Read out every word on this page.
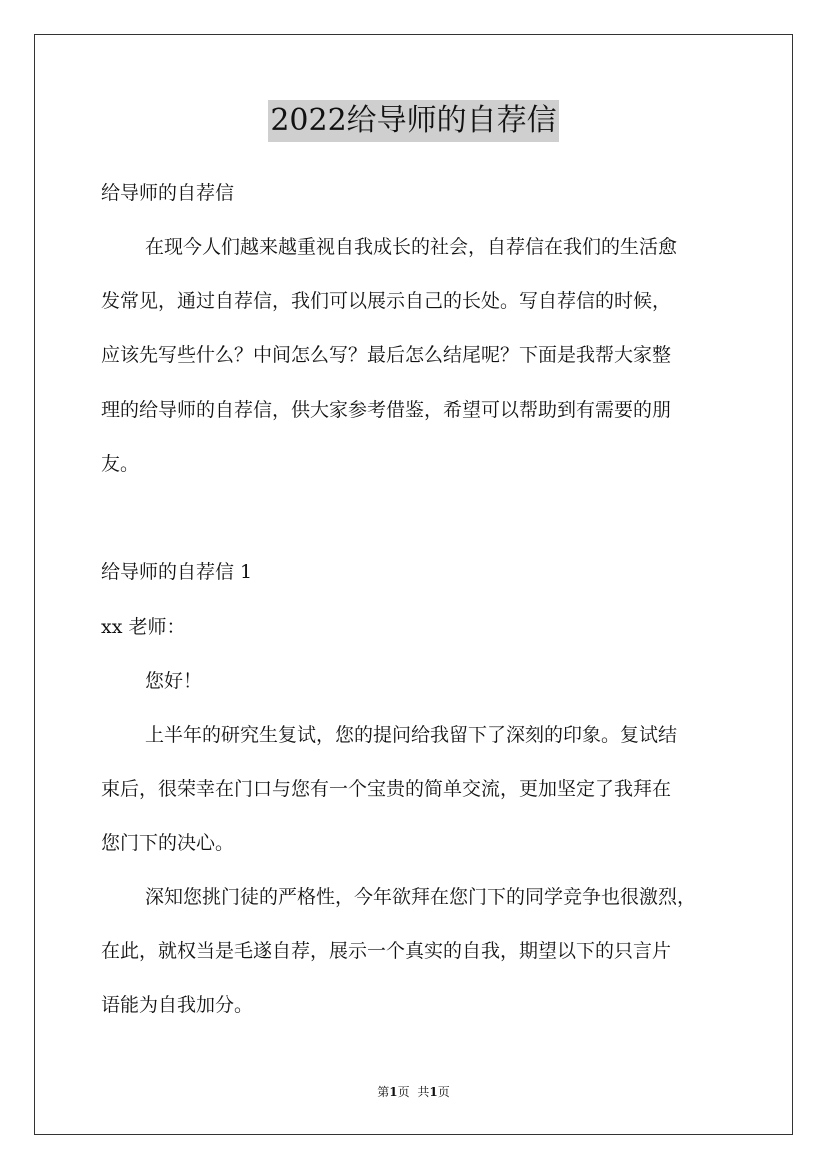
2022给导师的自荐信
给导师的自荐信
在现今人们越来越重视自我成长的社会，自荐信在我们的生活愈
发常见，通过自荐信，我们可以展示自己的长处。写自荐信的时候，
应该先写些什么？中间怎么写？最后怎么结尾呢？下面是我帮大家整
理的给导师的自荐信，供大家参考借鉴，希望可以帮助到有需要的朋
友。
给导师的自荐信 1
xx 老师：
您好！
上半年的研究生复试，您的提问给我留下了深刻的印象。复试结
束后，很荣幸在门口与您有一个宝贵的简单交流，更加坚定了我拜在
您门下的决心。
深知您挑门徒的严格性，今年欲拜在您门下的同学竞争也很激烈，
在此，就权当是毛遂自荐，展示一个真实的自我，期望以下的只言片
语能为自我加分。
第1页 共1页
